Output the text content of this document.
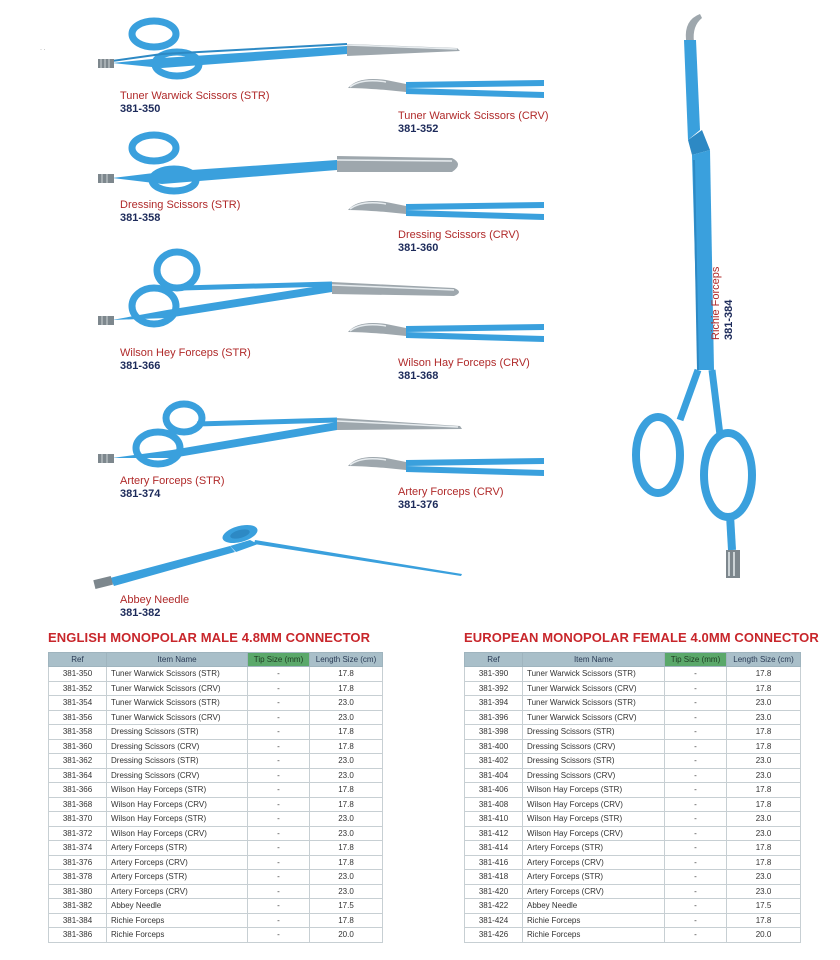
· ·
Tuner Warwick Scissors (STR)
381-350
Tuner Warwick Scissors (CRV)
381-352
Dressing Scissors (STR)
381-358
Dressing Scissors (CRV)
381-360
Wilson Hey Forceps (STR)
381-366	Wilson Hay Forceps (CRV)
381-368
Artery Forceps (STR)
381-374	Artery Forceps (CRV)
381-376
Abbey Needle
381-382
Richie Forceps 381-384
ENGLISH MONOPOLAR MALE 4.8MM CONNECTOR	EUROPEAN MONOPOLAR FEMALE 4.0MM CONNECTOR
Ref	Item Name	Tip Size (mm)	Length Size (cm)
381-350	Tuner Warwick Scissors (STR)	-	17.8
381-352	Tuner Warwick Scissors (CRV)	-	17.8
381-354	Tuner Warwick Scissors (STR)	-	23.0
381-356	Tuner Warwick Scissors (CRV)	-	23.0
381-358	Dressing Scissors (STR)	-	17.8
381-360	Dressing Scissors (CRV)	-	17.8
381-362	Dressing Scissors (STR)	-	23.0
381-364	Dressing Scissors (CRV)	-	23.0
381-366	Wilson Hay Forceps (STR)	-	17.8
381-368	Wilson Hay Forceps (CRV)	-	17.8
381-370	Wilson Hay Forceps (STR)	-	23.0
381-372	Wilson Hay Forceps (CRV)	-	23.0
381-374	Artery Forceps (STR)	-	17.8
381-376	Artery Forceps (CRV)	-	17.8
381-378	Artery Forceps (STR)	-	23.0
381-380	Artery Forceps (CRV)	-	23.0
381-382	Abbey Needle	-	17.5
381-384	Richie Forceps	-	17.8
381-386	Richie Forceps	-	20.0
Ref	Item Name	Tip Size (mm)	Length Size (cm)
381-390	Tuner Warwick Scissors (STR)	-	17.8
381-392	Tuner Warwick Scissors (CRV)	-	17.8
381-394	Tuner Warwick Scissors (STR)	-	23.0
381-396	Tuner Warwick Scissors (CRV)	-	23.0
381-398	Dressing Scissors (STR)	-	17.8
381-400	Dressing Scissors (CRV)	-	17.8
381-402	Dressing Scissors (STR)	-	23.0
381-404	Dressing Scissors (CRV)	-	23.0
381-406	Wilson Hay Forceps (STR)	-	17.8
381-408	Wilson Hay Forceps (CRV)	-	17.8
381-410	Wilson Hay Forceps (STR)	-	23.0
381-412	Wilson Hay Forceps (CRV)	-	23.0
381-414	Artery Forceps (STR)	-	17.8
381-416	Artery Forceps (CRV)	-	17.8
381-418	Artery Forceps (STR)	-	23.0
381-420	Artery Forceps (CRV)	-	23.0
381-422	Abbey Needle	-	17.5
381-424	Richie Forceps	-	17.8
381-426	Richie Forceps	-	20.0
